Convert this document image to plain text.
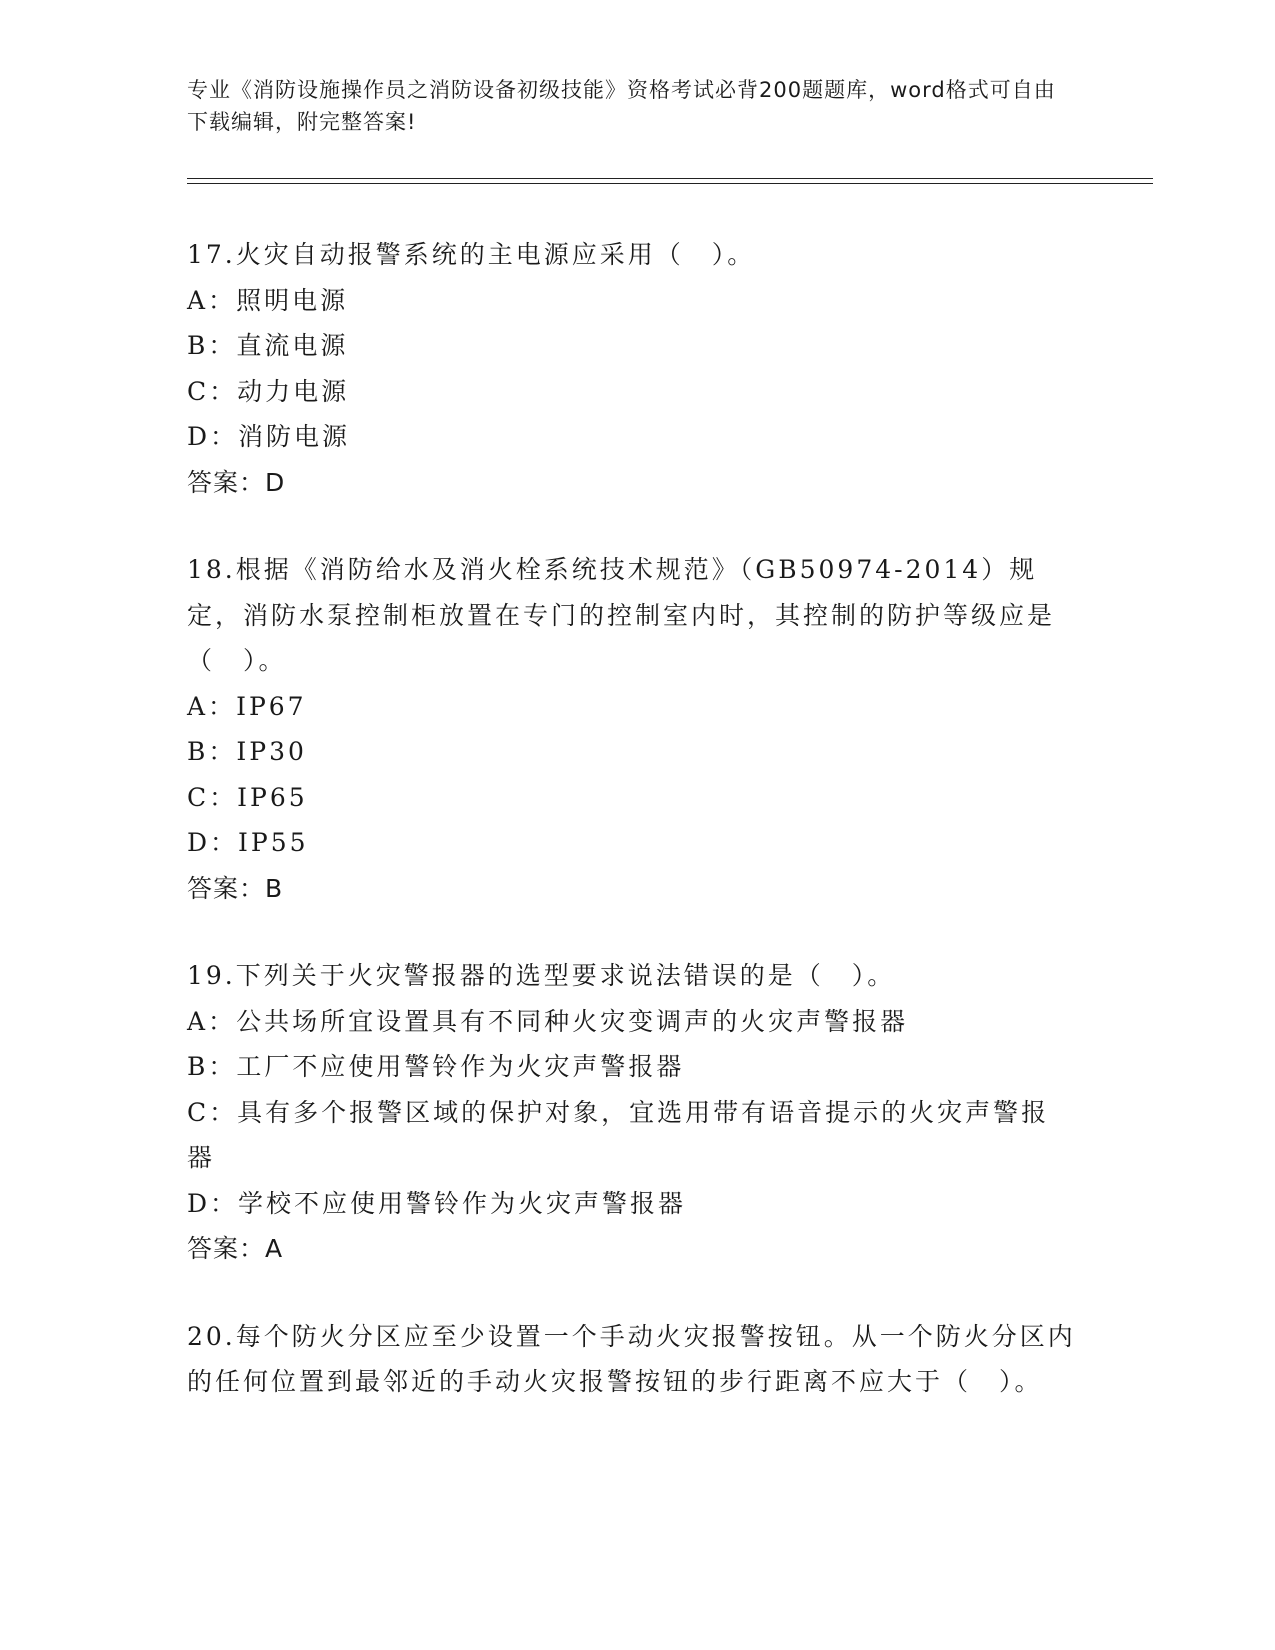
专业《消防设施操作员之消防设备初级技能》资格考试必背200题题库，word格式可自由下载编辑，附完整答案!
17.火灾自动报警系统的主电源应采用（　）。
A：照明电源
B：直流电源
C：动力电源
D：消防电源
答案：D
18.根据《消防给水及消火栓系统技术规范》（GB50974-2014）规定，消防水泵控制柜放置在专门的控制室内时，其控制的防护等级应是（　）。
A：IP67
B：IP30
C：IP65
D：IP55
答案：B
19.下列关于火灾警报器的选型要求说法错误的是（　）。
A：公共场所宜设置具有不同种火灾变调声的火灾声警报器
B：工厂不应使用警铃作为火灾声警报器
C：具有多个报警区域的保护对象，宜选用带有语音提示的火灾声警报器
D：学校不应使用警铃作为火灾声警报器
答案：A
20.每个防火分区应至少设置一个手动火灾报警按钮。从一个防火分区内的任何位置到最邻近的手动火灾报警按钮的步行距离不应大于（　）。
